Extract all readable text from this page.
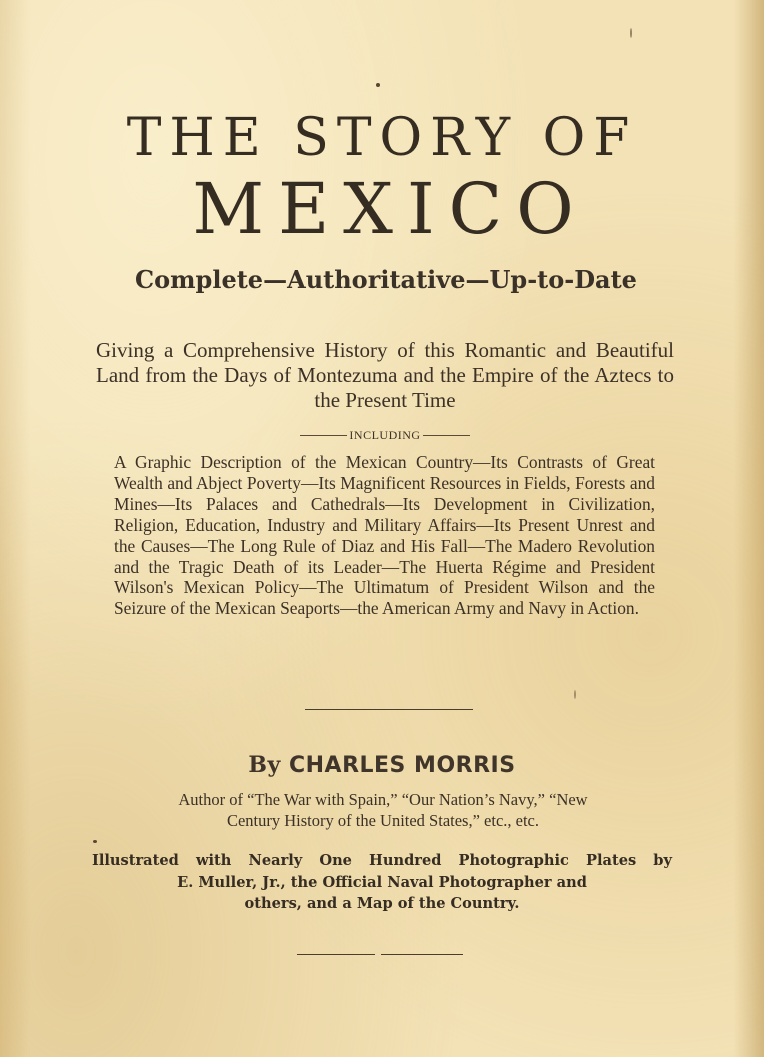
THE STORY OF
MEXICO
Complete—Authoritative—Up-to-Date
Giving a Comprehensive History of this Romantic and Beautiful Land from the Days of Montezuma and the Empire of the Aztecs to the Present Time
INCLUDING
A Graphic Description of the Mexican Country—Its Contrasts of Great Wealth and Abject Poverty—Its Magnificent Resources in Fields, Forests and Mines—Its Palaces and Cathedrals—Its Development in Civilization, Religion, Education, Industry and Military Affairs—Its Present Unrest and the Causes—The Long Rule of Diaz and His Fall—The Madero Revolution and the Tragic Death of its Leader—The Huerta Régime and President Wilson's Mexican Policy—The Ultimatum of President Wilson and the Seizure of the Mexican Seaports—the American Army and Navy in Action.
By CHARLES MORRIS
Author of “The War with Spain,” “Our Nation’s Navy,” “New
Century History of the United States,” etc., etc.
Illustrated with Nearly One Hundred Photographic Plates by
E. Muller, Jr., the Official Naval Photographer and
others, and a Map of the Country.
